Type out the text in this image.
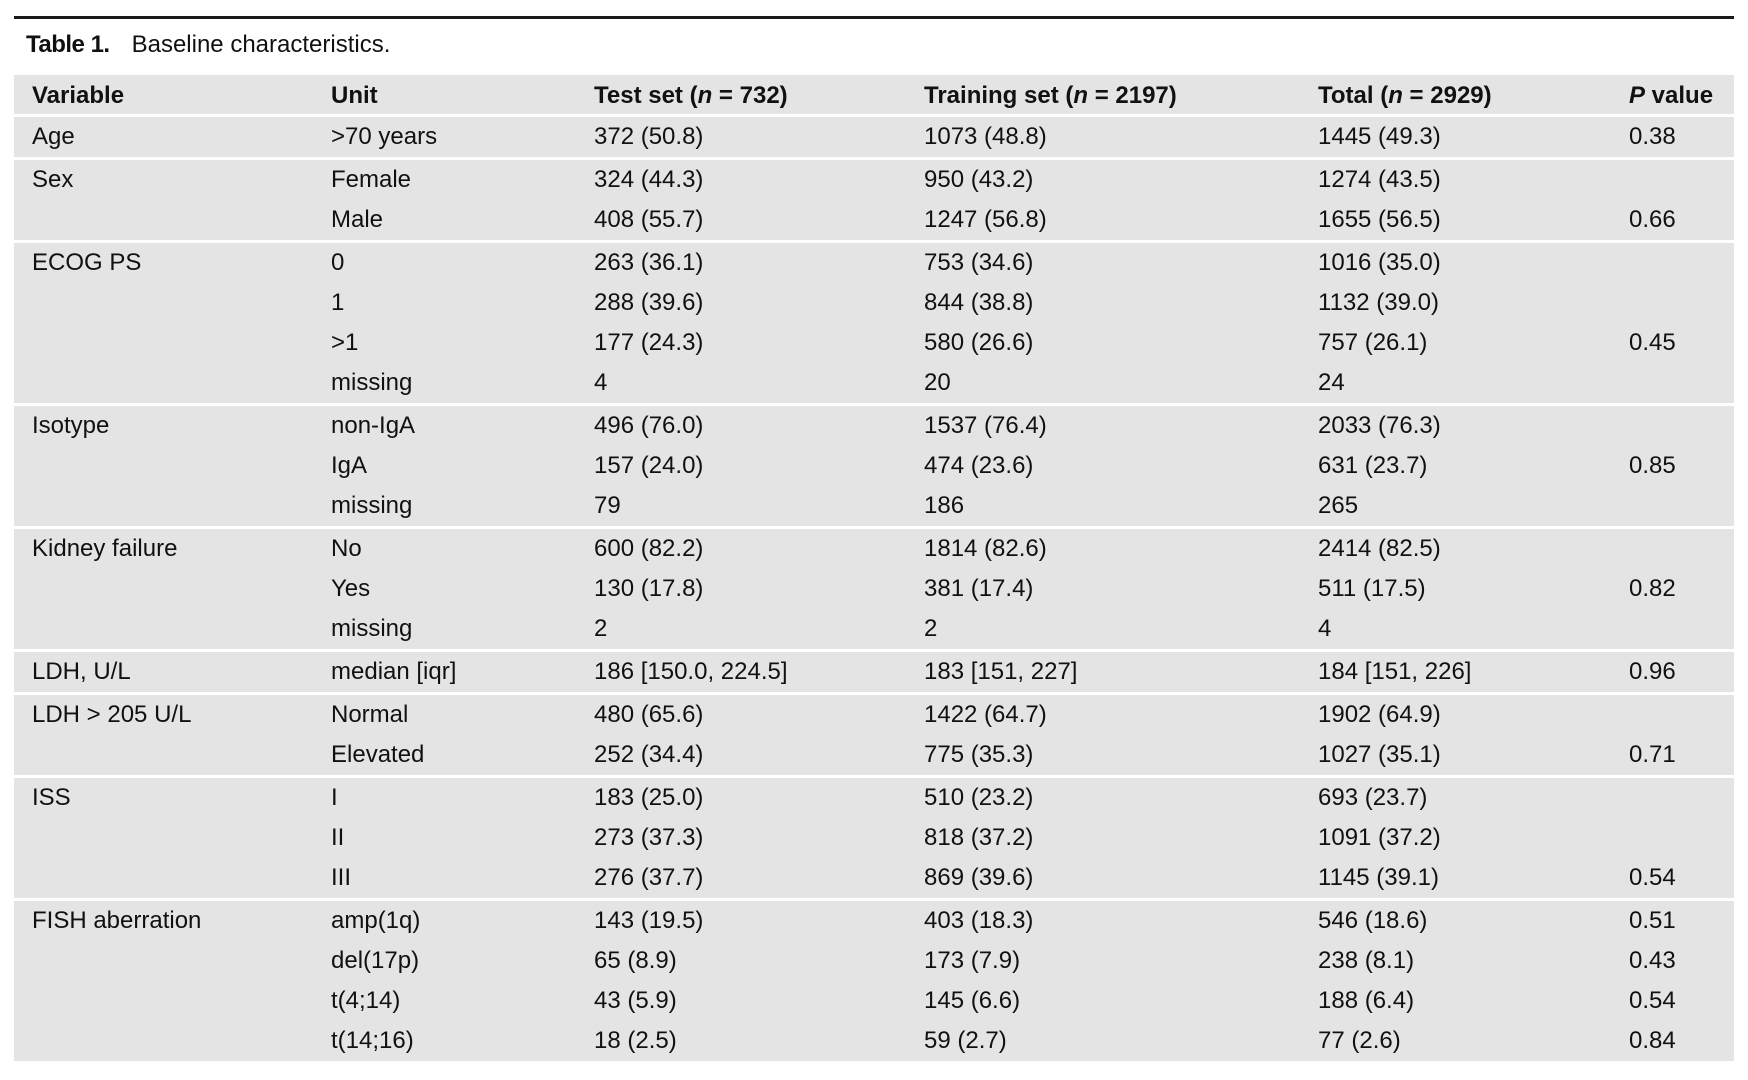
Table 1. Baseline characteristics.
Variable	Unit	Test set (n = 732)	Training set (n = 2197)	Total (n = 2929)	P value
Age	>70 years	372 (50.8)	1073 (48.8)	1445 (49.3)	0.38
Sex	Female	324 (44.3)	950 (43.2)	1274 (43.5)	
	Male	408 (55.7)	1247 (56.8)	1655 (56.5)	0.66
ECOG PS	0	263 (36.1)	753 (34.6)	1016 (35.0)	
	1	288 (39.6)	844 (38.8)	1132 (39.0)	
	>1	177 (24.3)	580 (26.6)	757 (26.1)	0.45
	missing	4	20	24	
Isotype	non-IgA	496 (76.0)	1537 (76.4)	2033 (76.3)	
	IgA	157 (24.0)	474 (23.6)	631 (23.7)	0.85
	missing	79	186	265	
Kidney failure	No	600 (82.2)	1814 (82.6)	2414 (82.5)	
	Yes	130 (17.8)	381 (17.4)	511 (17.5)	0.82
	missing	2	2	4	
LDH, U/L	median [iqr]	186 [150.0, 224.5]	183 [151, 227]	184 [151, 226]	0.96
LDH > 205 U/L	Normal	480 (65.6)	1422 (64.7)	1902 (64.9)	
	Elevated	252 (34.4)	775 (35.3)	1027 (35.1)	0.71
ISS	I	183 (25.0)	510 (23.2)	693 (23.7)	
	II	273 (37.3)	818 (37.2)	1091 (37.2)	
	III	276 (37.7)	869 (39.6)	1145 (39.1)	0.54
FISH aberration	amp(1q)	143 (19.5)	403 (18.3)	546 (18.6)	0.51
	del(17p)	65 (8.9)	173 (7.9)	238 (8.1)	0.43
	t(4;14)	43 (5.9)	145 (6.6)	188 (6.4)	0.54
	t(14;16)	18 (2.5)	59 (2.7)	77 (2.6)	0.84
